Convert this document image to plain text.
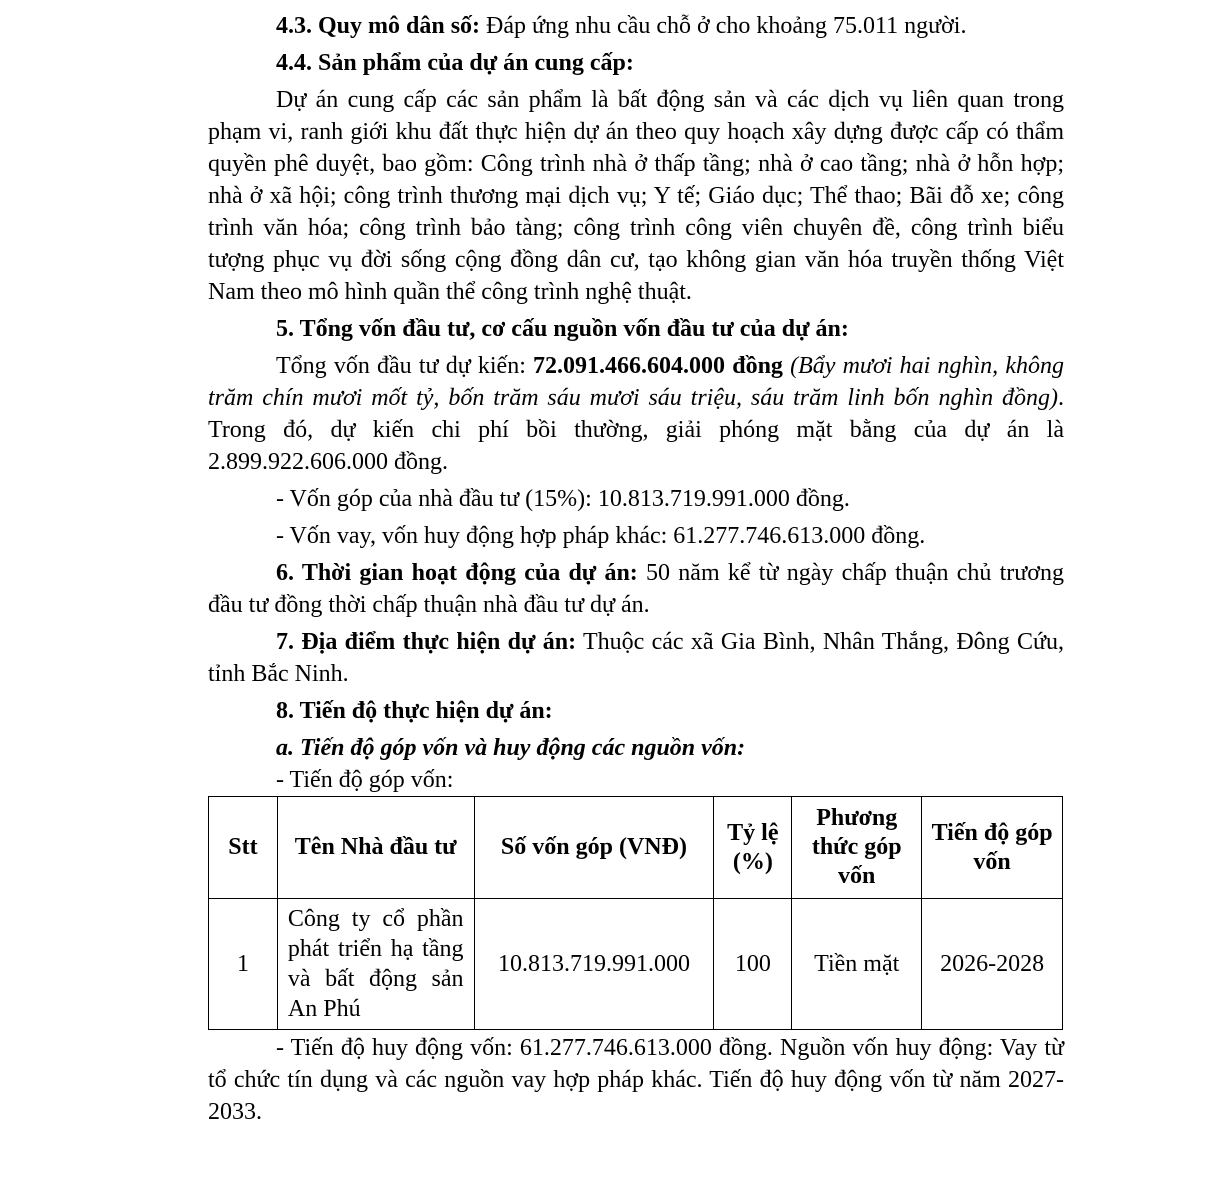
4.3. Quy mô dân số: Đáp ứng nhu cầu chỗ ở cho khoảng 75.011 người.

4.4. Sản phẩm của dự án cung cấp:

Dự án cung cấp các sản phẩm là bất động sản và các dịch vụ liên quan trong phạm vi, ranh giới khu đất thực hiện dự án theo quy hoạch xây dựng được cấp có thẩm quyền phê duyệt, bao gồm: Công trình nhà ở thấp tầng; nhà ở cao tầng; nhà ở hỗn hợp; nhà ở xã hội; công trình thương mại dịch vụ; Y tế; Giáo dục; Thể thao; Bãi đỗ xe; công trình văn hóa; công trình bảo tàng; công trình công viên chuyên đề, công trình biểu tượng phục vụ đời sống cộng đồng dân cư, tạo không gian văn hóa truyền thống Việt Nam theo mô hình quần thể công trình nghệ thuật.

5. Tổng vốn đầu tư, cơ cấu nguồn vốn đầu tư của dự án:

Tổng vốn đầu tư dự kiến: 72.091.466.604.000 đồng (Bẩy mươi hai nghìn, không trăm chín mươi mốt tỷ, bốn trăm sáu mươi sáu triệu, sáu trăm linh bốn nghìn đồng). Trong đó, dự kiến chi phí bồi thường, giải phóng mặt bằng của dự án là 2.899.922.606.000 đồng.

- Vốn góp của nhà đầu tư (15%): 10.813.719.991.000 đồng.

- Vốn vay, vốn huy động hợp pháp khác: 61.277.746.613.000 đồng.

6. Thời gian hoạt động của dự án: 50 năm kể từ ngày chấp thuận chủ trương đầu tư đồng thời chấp thuận nhà đầu tư dự án.

7. Địa điểm thực hiện dự án: Thuộc các xã Gia Bình, Nhân Thắng, Đông Cứu, tỉnh Bắc Ninh.

8. Tiến độ thực hiện dự án:

a. Tiến độ góp vốn và huy động các nguồn vốn:

- Tiến độ góp vốn:

Stt	Tên Nhà đầu tư	Số vốn góp (VNĐ)	Tỷ lệ (%)	Phương thức góp vốn	Tiến độ góp vốn
1	Công ty cổ phần phát triển hạ tầng và bất động sản An Phú	10.813.719.991.000	100	Tiền mặt	2026-2028

- Tiến độ huy động vốn: 61.277.746.613.000 đồng. Nguồn vốn huy động: Vay từ tổ chức tín dụng và các nguồn vay hợp pháp khác. Tiến độ huy động vốn từ năm 2027-2033.
